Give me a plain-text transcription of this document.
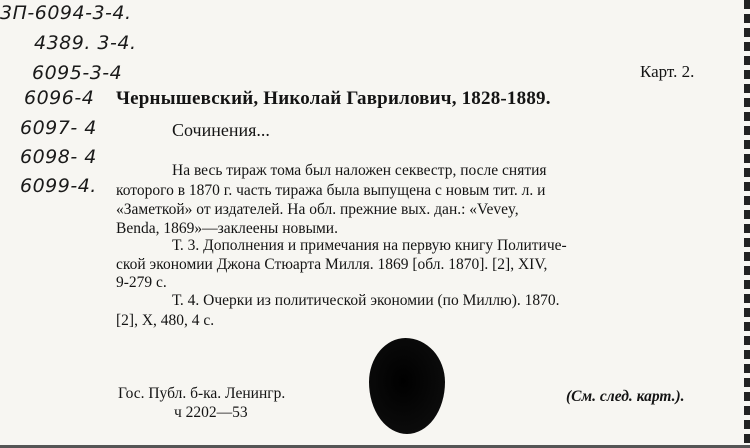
3П-6094-3-4.
4389. 3-4.
6095-3-4
6096-4
6097- 4
6098- 4
6099-4.
Карт. 2.
Чернышевский, Николай Гаврилович, 1828-1889.
Сочинения...
На весь тираж тома был наложен секвестр, после снятия
которого в 1870 г. часть тиража была выпущена с новым тит. л. и
«Заметкой» от издателей. На обл. прежние вых. дан.: «Vevey,
Benda, 1869»—заклеены новыми.
Т. 3. Дополнения и примечания на первую книгу Политиче-
ской экономии Джона Стюарта Милля. 1869 [обл. 1870]. [2], XIV,
9-279 с.
Т. 4. Очерки из политической экономии (по Миллю). 1870.
[2], X, 480, 4 с.
(См. след. карт.).
Гос. Публ. б-ка. Ленингр.
ч 2202—53
